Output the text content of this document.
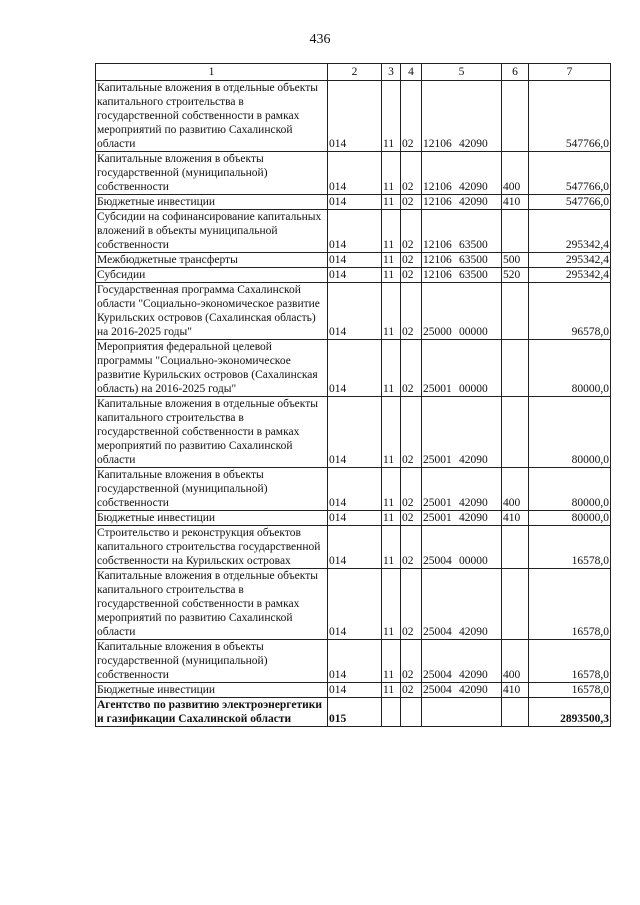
436
1	2	3	4	5	6	7
Капитальные вложения в отдельные объекты капитального строительства в государственной собственности в рамках мероприятий по развитию Сахалинской области	014	11	02	12106 42090		547766,0
Капитальные вложения в объекты государственной (муниципальной) собственности	014	11	02	12106 42090	400	547766,0
Бюджетные инвестиции	014	11	02	12106 42090	410	547766,0
Субсидии на софинансирование капитальных вложений в объекты муниципальной собственности	014	11	02	12106 63500		295342,4
Межбюджетные трансферты	014	11	02	12106 63500	500	295342,4
Субсидии	014	11	02	12106 63500	520	295342,4
Государственная программа Сахалинской области "Социально-экономическое развитие Курильских островов (Сахалинская область) на 2016-2025 годы"	014	11	02	25000 00000		96578,0
Мероприятия федеральной целевой программы "Социально-экономическое развитие Курильских островов (Сахалинская область) на 2016-2025 годы"	014	11	02	25001 00000		80000,0
Капитальные вложения в отдельные объекты капитального строительства в государственной собственности в рамках мероприятий по развитию Сахалинской области	014	11	02	25001 42090		80000,0
Капитальные вложения в объекты государственной (муниципальной) собственности	014	11	02	25001 42090	400	80000,0
Бюджетные инвестиции	014	11	02	25001 42090	410	80000,0
Строительство и реконструкция объектов капитального строительства государственной собственности на Курильских островах	014	11	02	25004 00000		16578,0
Капитальные вложения в отдельные объекты капитального строительства в государственной собственности в рамках мероприятий по развитию Сахалинской области	014	11	02	25004 42090		16578,0
Капитальные вложения в объекты государственной (муниципальной) собственности	014	11	02	25004 42090	400	16578,0
Бюджетные инвестиции	014	11	02	25004 42090	410	16578,0
Агентство по развитию электроэнергетики и газификации Сахалинской области	015					2893500,3
